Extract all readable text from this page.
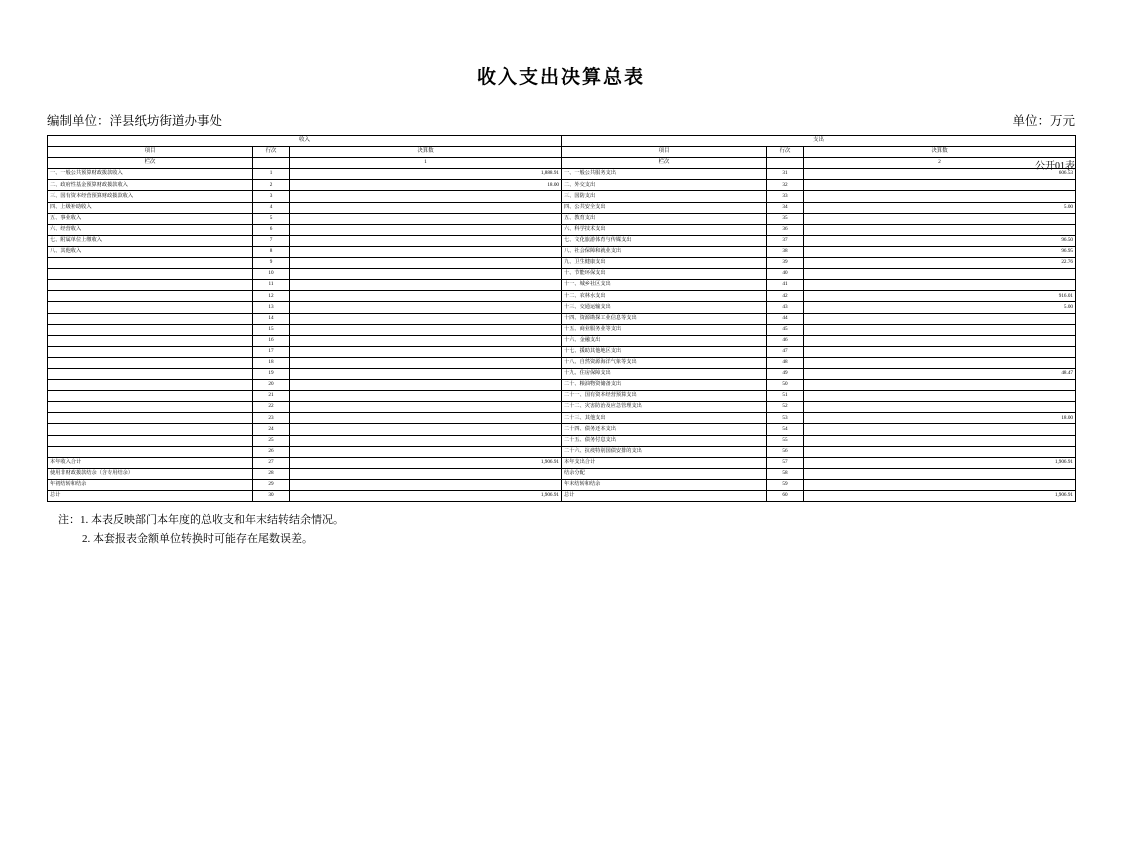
收入支出决算总表
公开01表
编制单位：洋县纸坊街道办事处	单位：万元
收入			支出		
项目	行次	决算数	项目	行次	决算数
栏次		1	栏次		2
一、一般公共预算财政拨款收入	1	1,888.91	一、一般公共服务支出	31	606.53
二、政府性基金预算财政拨款收入	2	18.00	二、外交支出	32	
三、国有资本经营预算财政拨款收入	3		三、国防支出	33	
四、上级补助收入	4		四、公共安全支出	34	5.00
五、事业收入	5		五、教育支出	35	
六、经营收入	6		六、科学技术支出	36	
七、附属单位上缴收入	7		七、文化旅游体育与传媒支出	37	96.50
八、其他收入	8		八、社会保障和就业支出	38	96.95
	9		九、卫生健康支出	39	22.76
	10		十、节能环保支出	40	
	11		十一、城乡社区支出	41	
	12		十二、农林水支出	42	916.01
	13		十三、交通运输支出	43	5.00
	14		十四、资源勘探工业信息等支出	44	
	15		十五、商业服务业等支出	45	
	16		十六、金融支出	46	
	17		十七、援助其他地区支出	47	
	18		十八、自然资源海洋气象等支出	48	
	19		十九、住房保障支出	49	48.47
	20		二十、粮油物资储备支出	50	
	21		二十一、国有资本经营预算支出	51	
	22		二十二、灾害防治及应急管理支出	52	
	23		二十三、其他支出	53	18.00
	24		二十四、债务还本支出	54	
	25		二十五、债务付息支出	55	
	26		二十六、抗疫特别国债安排的支出	56	
本年收入合计	27	1,906.91	本年支出合计	57	1,906.91
使用非财政拨款结余（含专用结余）	28		结余分配	58	
年初结转和结余	29		年末结转和结余	59	
总计	30	1,906.91	总计	60	1,906.91
注：1. 本表反映部门本年度的总收支和年末结转结余情况。
2. 本套报表金额单位转换时可能存在尾数误差。
